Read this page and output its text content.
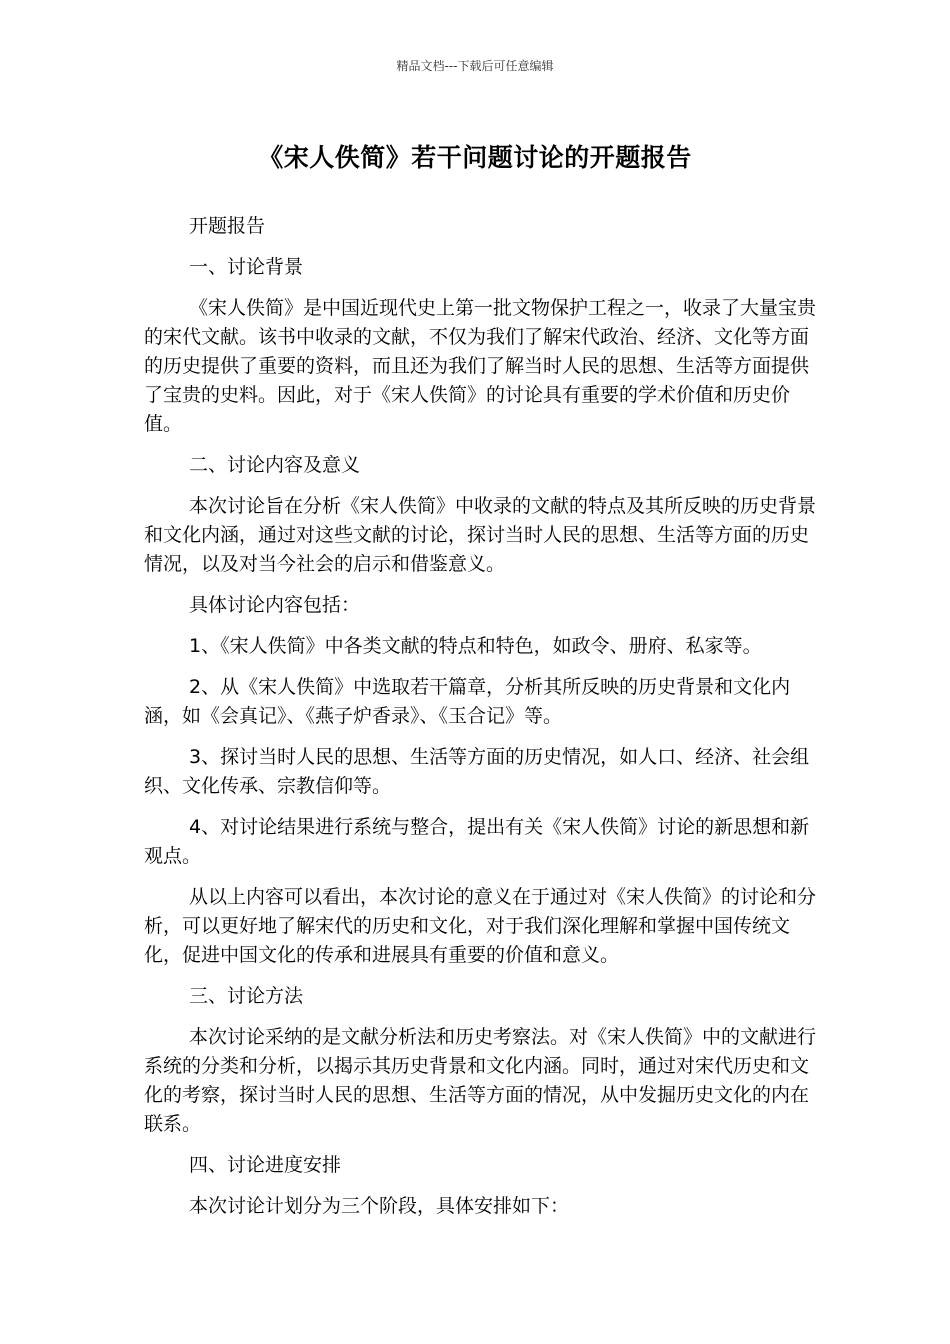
精品文档---下载后可任意编辑
《宋人佚简》若干问题讨论的开题报告

开题报告

一、讨论背景

《宋人佚简》是中国近现代史上第一批文物保护工程之一，收录了大量宝贵的宋代文献。该书中收录的文献，不仅为我们了解宋代政治、经济、文化等方面的历史提供了重要的资料，而且还为我们了解当时人民的思想、生活等方面提供了宝贵的史料。因此，对于《宋人佚简》的讨论具有重要的学术价值和历史价值。

二、讨论内容及意义

本次讨论旨在分析《宋人佚简》中收录的文献的特点及其所反映的历史背景和文化内涵，通过对这些文献的讨论，探讨当时人民的思想、生活等方面的历史情况，以及对当今社会的启示和借鉴意义。

具体讨论内容包括：

1、《宋人佚简》中各类文献的特点和特色，如政令、册府、私家等。

2、从《宋人佚简》中选取若干篇章，分析其所反映的历史背景和文化内涵，如《会真记》、《燕子炉香录》、《玉合记》等。

3、探讨当时人民的思想、生活等方面的历史情况，如人口、经济、社会组织、文化传承、宗教信仰等。

4、对讨论结果进行系统与整合，提出有关《宋人佚简》讨论的新思想和新观点。

从以上内容可以看出，本次讨论的意义在于通过对《宋人佚简》的讨论和分析，可以更好地了解宋代的历史和文化，对于我们深化理解和掌握中国传统文化，促进中国文化的传承和进展具有重要的价值和意义。

三、讨论方法

本次讨论采纳的是文献分析法和历史考察法。对《宋人佚简》中的文献进行系统的分类和分析，以揭示其历史背景和文化内涵。同时，通过对宋代历史和文化的考察，探讨当时人民的思想、生活等方面的情况，从中发掘历史文化的内在联系。

四、讨论进度安排

本次讨论计划分为三个阶段，具体安排如下：
